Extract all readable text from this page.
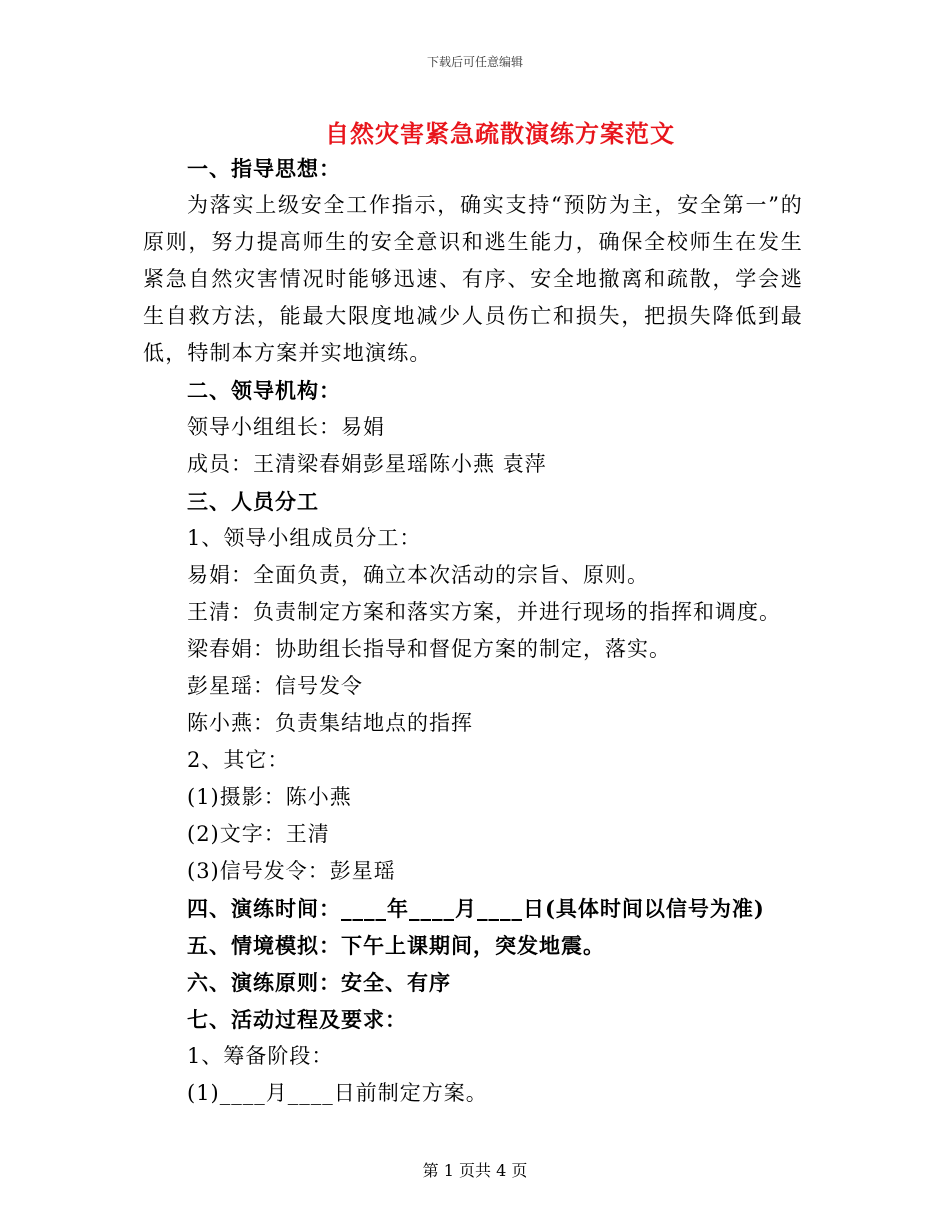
下载后可任意编辑
自然灾害紧急疏散演练方案范文
一、指导思想：
为落实上级安全工作指示，确实支持“预防为主，安全第一”的原则，努力提高师生的安全意识和逃生能力，确保全校师生在发生紧急自然灾害情况时能够迅速、有序、安全地撤离和疏散，学会逃生自救方法，能最大限度地减少人员伤亡和损失，把损失降低到最低，特制本方案并实地演练。
二、领导机构：
领导小组组长：易娟
成员：王清梁春娟彭星瑶陈小燕 袁萍
三、人员分工
1、领导小组成员分工：
易娟：全面负责，确立本次活动的宗旨、原则。
王清：负责制定方案和落实方案，并进行现场的指挥和调度。
梁春娟：协助组长指导和督促方案的制定，落实。
彭星瑶：信号发令
陈小燕：负责集结地点的指挥
2、其它：
(1)摄影：陈小燕
(2)文字：王清
(3)信号发令：彭星瑶
四、演练时间：____年____月____日(具体时间以信号为准)
五、情境模拟：下午上课期间，突发地震。
六、演练原则：安全、有序
七、活动过程及要求：
1、筹备阶段：
(1)____月____日前制定方案。
第 1 页共 4 页
